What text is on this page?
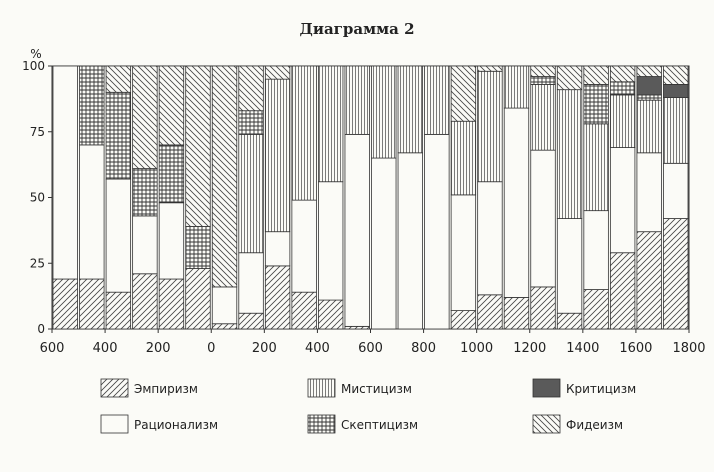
Диаграмма 2
0
25
50
75
100
%
600 400 200	0	200 400 600 800 1000 1200 1400 1600 1800
Эмпиризм
Рационализм
Мистицизм
Скептицизм
Критицизм
Фидеизм
